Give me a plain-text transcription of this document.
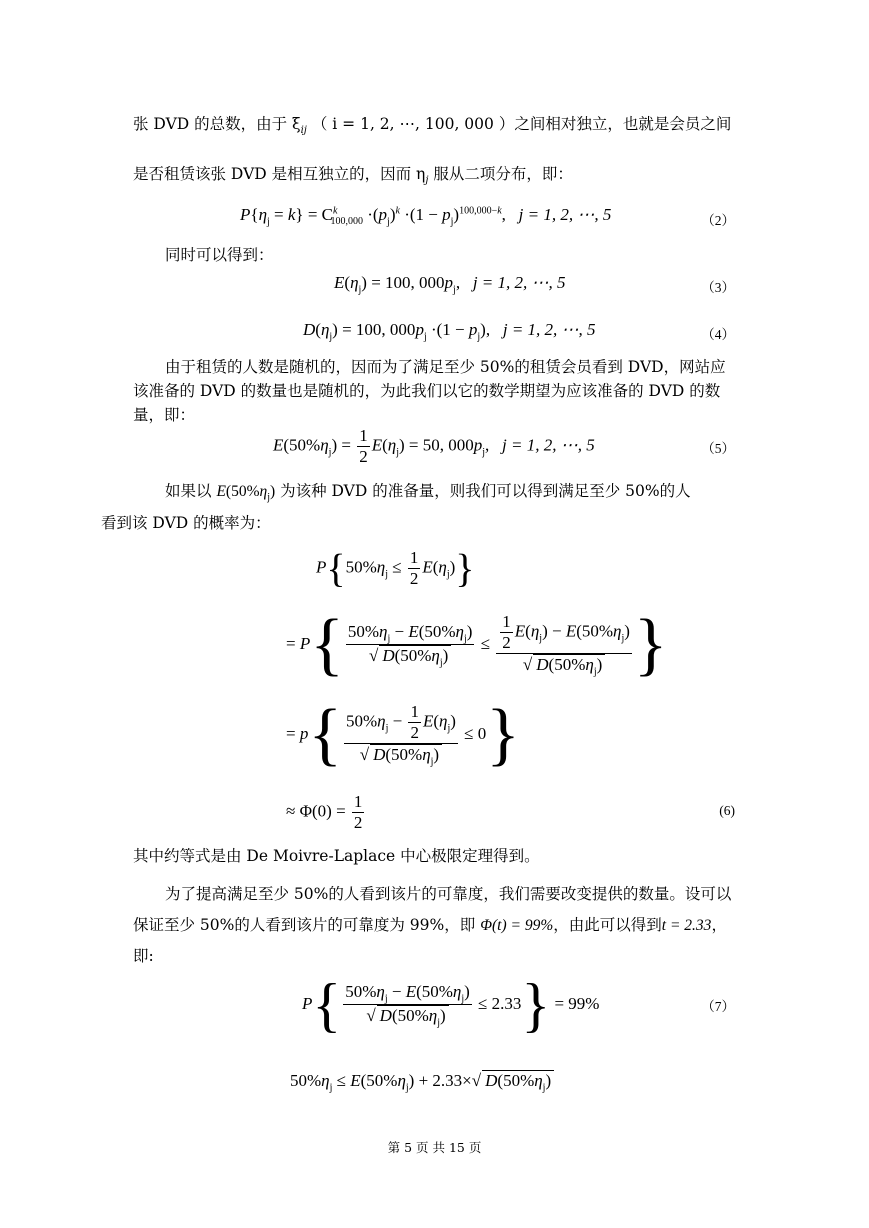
张 DVD 的总数，由于 $\xi_{ij}$ （ i = 1, 2, ⋯, 100, 000 ）之间相对独立，也就是会员之间
是否租赁该张 DVD 是相互独立的，因而 $\eta_j$ 服从二项分布，即：
$P\{\eta_j = k\} = C^k_{100,000} \cdot(p_j)^k \cdot(1 - p_j)^{100,000-k}$,   j = 1, 2, ⋯, 5	（2）
同时可以得到：
$E(\eta_j) = 100$, $000p_j$,   j = 1, 2, ⋯, 5	（3）
$D(\eta_j) = 100$, $000p_j \cdot(1 - p_j)$,   j = 1, 2, ⋯, 5	（4）
由于租赁的人数是随机的，因而为了满足至少 50%的租赁会员看到 DVD，网站应该准备的 DVD 的数量也是随机的，为此我们以它的数学期望为应该准备的 DVD 的数量，即：
$E(50\%\eta_j) = \frac{1}{2} E(\eta_j) = 50$, $000p_j$,   j = 1, 2, ⋯, 5	（5）
如果以 $E(50\%\eta_j)$ 为该种 DVD 的准备量，则我们可以得到满足至少 50%的人
看到该 DVD 的概率为：
$P\{50\%\eta_j \le \frac{1}{2} E(\eta_j)\}$
= $P\{ \frac{50\%\eta_j - E(50\%\eta_j)}{√ D(50\%\eta_j)} \le \frac{\frac{1}{2} E(\eta_j) - E(50\%\eta_j)}{√ D(50\%\eta_j)}$ }
= $p\{ \frac{50\%\eta_j - \frac{1}{2} E(\eta_j)}{√ D(50\%\eta_j)} \le 0\}$
≈ $\Phi(0) = \frac{1}{2}$	(6)
其中约等式是由 De Moivre-Laplace 中心极限定理得到。
为了提高满足至少 50%的人看到该片的可靠度，我们需要改变提供的数量。设可以保证至少 50%的人看到该片的可靠度为 99%，即 Φ(t) = 99%，由此可以得到t = 2.33，即:
$P\{ \frac{50\%\eta_j - E(50\%\eta_j)}{√ D(50\%\eta_j)} \le 2.33\} = 99\%$	（7）
$50\%\eta_j \le E(50\%\eta_j) + 2.33\times√$ $D(50\%\eta_j)$
第 5 页 共 15 页
